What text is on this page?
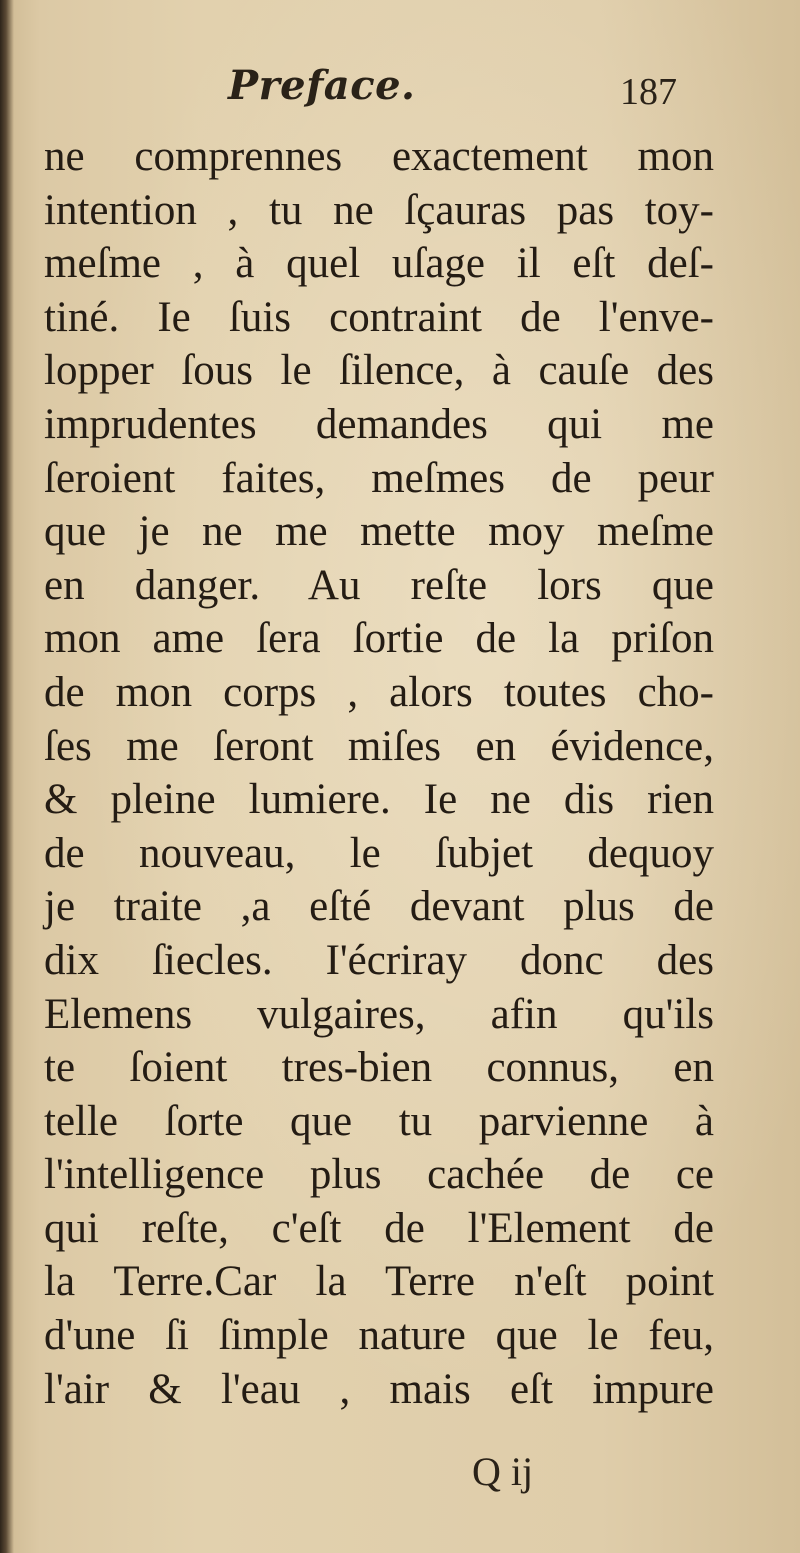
Preface.	187
ne comprennes exactement mon
intention , tu ne ſçauras pas toy-
meſme , à quel uſage il eſt deſ-
tiné. Ie ſuis contraint de l'enve-
lopper ſous le ſilence, à cauſe des
imprudentes demandes qui me
ſeroient faites, meſmes de peur
que je ne me mette moy meſme
en danger. Au reſte lors que
mon ame ſera ſortie de la priſon
de mon corps , alors toutes cho-
ſes me ſeront miſes en évidence,
& pleine lumiere. Ie ne dis rien
de nouveau, le ſubjet dequoy
je traite ,a eſté devant plus de
dix ſiecles. I'écriray donc des
Elemens vulgaires, afin qu'ils
te ſoient tres-bien connus, en
telle ſorte que tu parvienne à
l'intelligence plus cachée de ce
qui reſte, c'eſt de l'Element de
la Terre.Car la Terre n'eſt point
d'une ſi ſimple nature que le feu,
l'air & l'eau , mais eſt impure
Q ij
